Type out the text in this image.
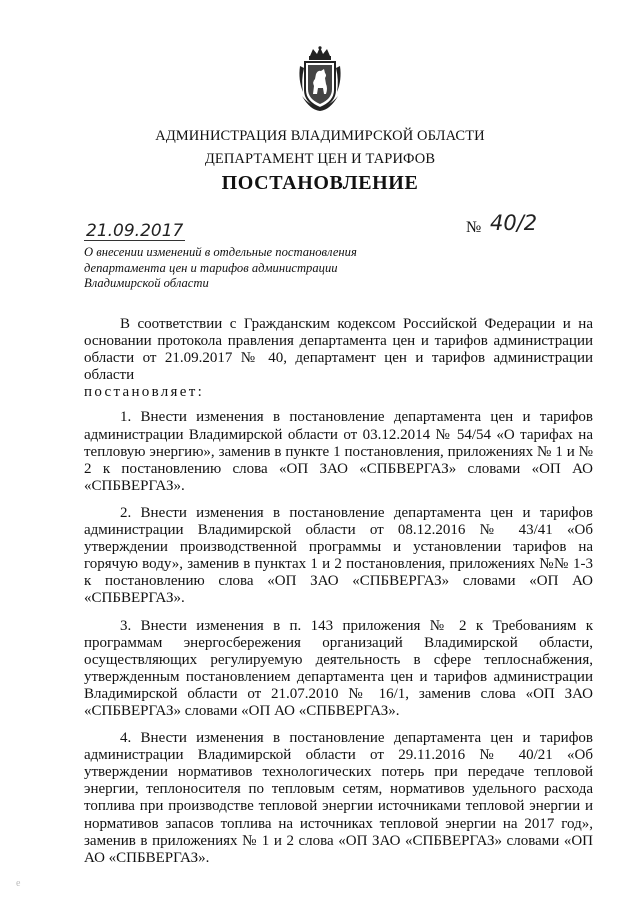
АДМИНИСТРАЦИЯ ВЛАДИМИРСКОЙ ОБЛАСТИ
ДЕПАРТАМЕНТ ЦЕН И ТАРИФОВ
ПОСТАНОВЛЕНИЕ
21.09.2017	№ 40/2
О внесении изменений в отдельные постановления департамента цен и тарифов администрации Владимирской области

В соответствии с Гражданским кодексом Российской Федерации и на основании протокола правления департамента цен и тарифов администрации области от 21.09.2017 № 40, департамент цен и тарифов администрации области
постановляет:

1. Внести изменения в постановление департамента цен и тарифов администрации Владимирской области от 03.12.2014 № 54/54 «О тарифах на тепловую энергию», заменив в пункте 1 постановления, приложениях № 1 и № 2 к постановлению слова «ОП ЗАО «СПБВЕРГАЗ» словами «ОП АО «СПБВЕРГАЗ».

2. Внести изменения в постановление департамента цен и тарифов администрации Владимирской области от 08.12.2016 № 43/41 «Об утверждении производственной программы и установлении тарифов на горячую воду», заменив в пунктах 1 и 2 постановления, приложениях №№ 1-3 к постановлению слова «ОП ЗАО «СПБВЕРГАЗ» словами «ОП АО «СПБВЕРГАЗ».

3. Внести изменения в п. 143 приложения № 2 к Требованиям к программам энергосбережения организаций Владимирской области, осуществляющих регулируемую деятельность в сфере теплоснабжения, утвержденным постановлением департамента цен и тарифов администрации Владимирской области от 21.07.2010 № 16/1, заменив слова «ОП ЗАО «СПБВЕРГАЗ» словами «ОП АО «СПБВЕРГАЗ».

4. Внести изменения в постановление департамента цен и тарифов администрации Владимирской области от 29.11.2016 № 40/21 «Об утверждении нормативов технологических потерь при передаче тепловой энергии, теплоносителя по тепловым сетям, нормативов удельного расхода топлива при производстве тепловой энергии источниками тепловой энергии и нормативов запасов топлива на источниках тепловой энергии на 2017 год», заменив в приложениях № 1 и 2 слова «ОП ЗАО «СПБВЕРГАЗ» словами «ОП АО «СПБВЕРГАЗ».

e
